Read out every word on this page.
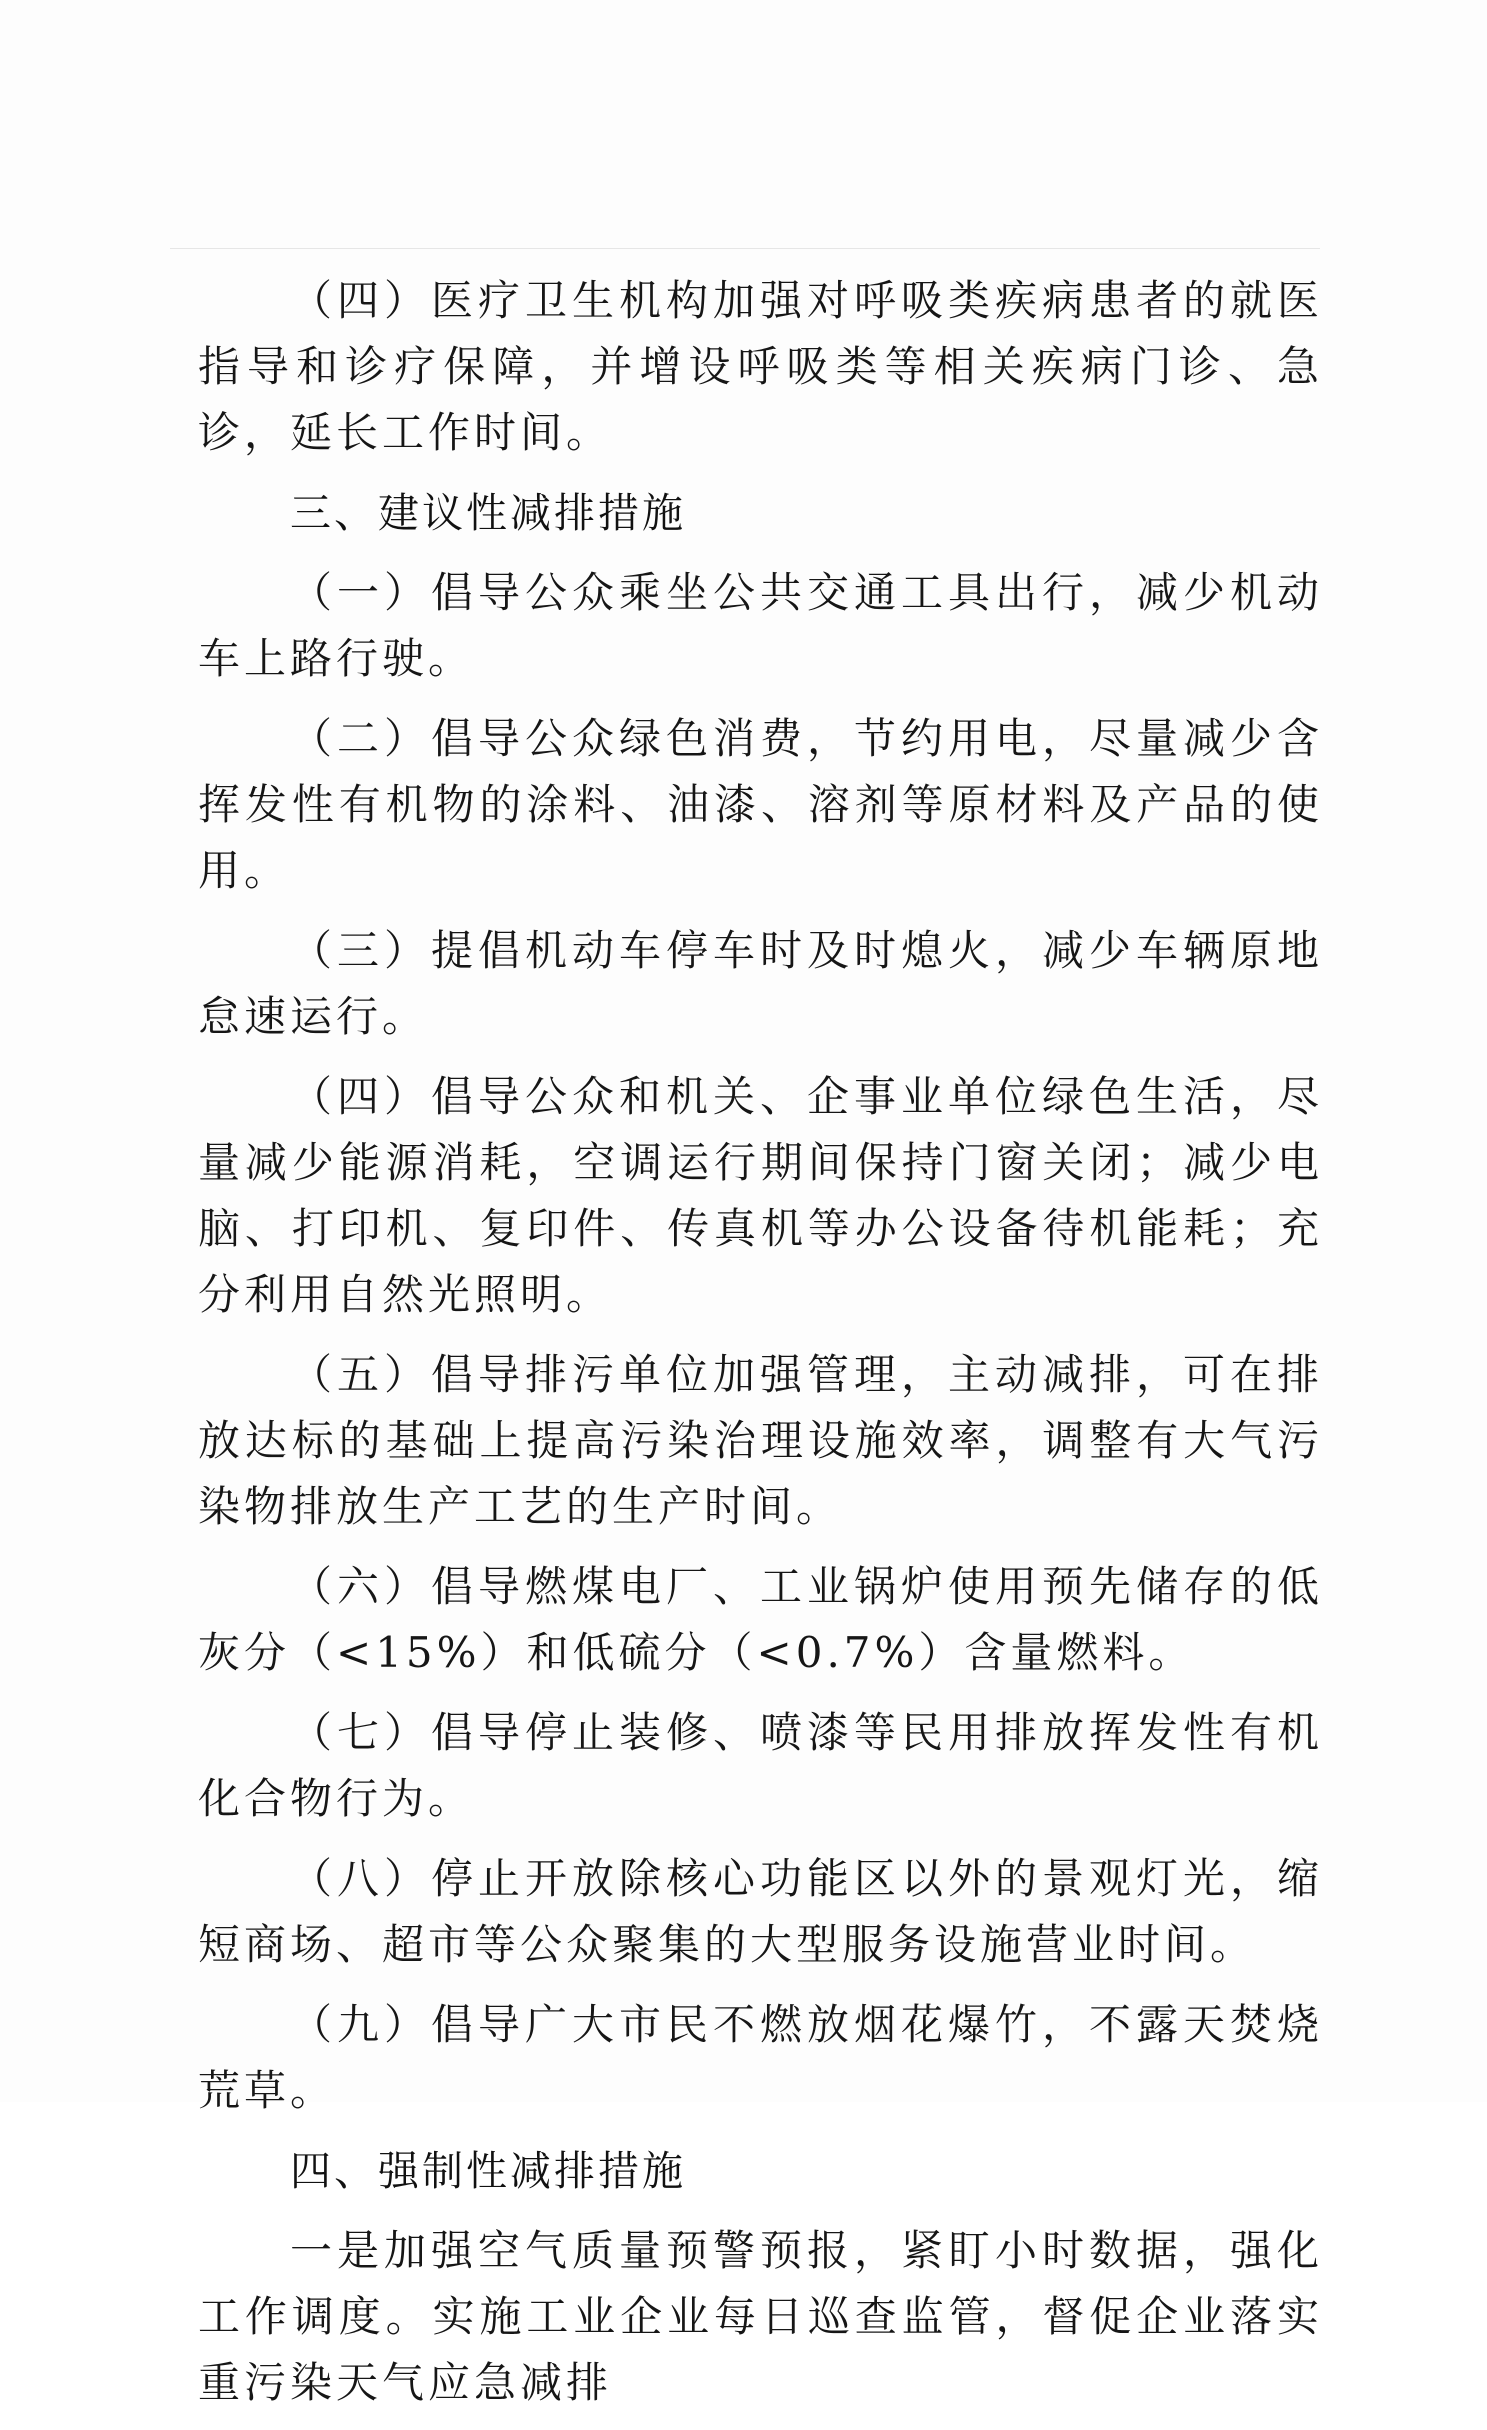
（四）医疗卫生机构加强对呼吸类疾病患者的就医指导和诊疗保障，并增设呼吸类等相关疾病门诊、急诊，延长工作时间。

三、建议性减排措施

（一）倡导公众乘坐公共交通工具出行，减少机动车上路行驶。

（二）倡导公众绿色消费，节约用电，尽量减少含挥发性有机物的涂料、油漆、溶剂等原材料及产品的使用。

（三）提倡机动车停车时及时熄火，减少车辆原地怠速运行。

（四）倡导公众和机关、企事业单位绿色生活，尽量减少能源消耗，空调运行期间保持门窗关闭；减少电脑、打印机、复印件、传真机等办公设备待机能耗；充分利用自然光照明。

（五）倡导排污单位加强管理，主动减排，可在排放达标的基础上提高污染治理设施效率，调整有大气污染物排放生产工艺的生产时间。

（六）倡导燃煤电厂、工业锅炉使用预先储存的低灰分（<15%）和低硫分（<0.7%）含量燃料。

（七）倡导停止装修、喷漆等民用排放挥发性有机化合物行为。

（八）停止开放除核心功能区以外的景观灯光，缩短商场、超市等公众聚集的大型服务设施营业时间。

（九）倡导广大市民不燃放烟花爆竹，不露天焚烧荒草。

四、强制性减排措施

一是加强空气质量预警预报，紧盯小时数据，强化工作调度。实施工业企业每日巡查监管，督促企业落实重污染天气应急减排
